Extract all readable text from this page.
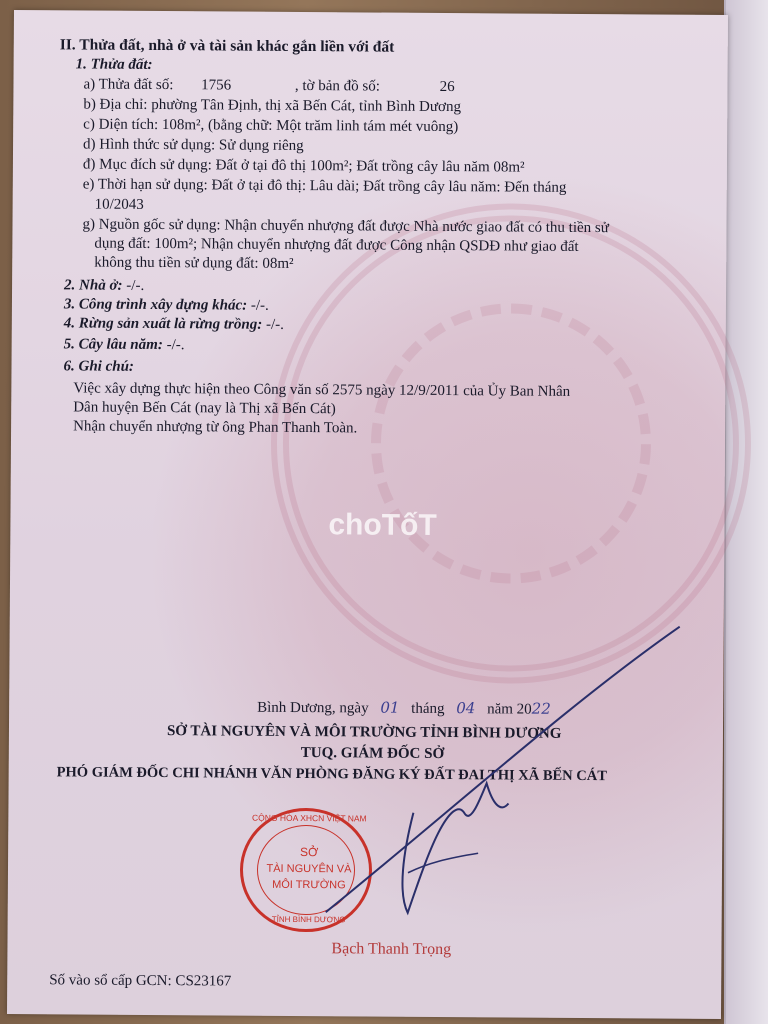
II. Thửa đất, nhà ở và tài sản khác gắn liền với đất
1. Thửa đất:
a) Thửa đất số: 1756	, tờ bản đồ số:	26
b) Địa chỉ: phường Tân Định, thị xã Bến Cát, tỉnh Bình Dương
c) Diện tích: 108m², (bằng chữ: Một trăm linh tám mét vuông)
d) Hình thức sử dụng: Sử dụng riêng
đ) Mục đích sử dụng: Đất ở tại đô thị 100m²; Đất trồng cây lâu năm 08m²
e) Thời hạn sử dụng: Đất ở tại đô thị: Lâu dài; Đất trồng cây lâu năm: Đến tháng
10/2043
g) Nguồn gốc sử dụng: Nhận chuyển nhượng đất được Nhà nước giao đất có thu tiền sử
dụng đất: 100m²; Nhận chuyển nhượng đất được Công nhận QSDĐ như giao đất
không thu tiền sử dụng đất: 08m²
2. Nhà ở: -/-.
3. Công trình xây dựng khác: -/-.
4. Rừng sản xuất là rừng trồng: -/-.
5. Cây lâu năm: -/-.
6. Ghi chú:
Việc xây dựng thực hiện theo Công văn số 2575 ngày 12/9/2011 của Ủy Ban Nhân
Dân huyện Bến Cát (nay là Thị xã Bến Cát)
Nhận chuyển nhượng từ ông Phan Thanh Toàn.
choTốT
Bình Dương, ngày 01 tháng 04 năm 2022
SỞ TÀI NGUYÊN VÀ MÔI TRƯỜNG TỈNH BÌNH DƯƠNG
TUQ. GIÁM ĐỐC SỞ
PHÓ GIÁM ĐỐC CHI NHÁNH VĂN PHÒNG ĐĂNG KÝ ĐẤT ĐAI THỊ XÃ BẾN CÁT
CỘNG HÒA XHCN VIỆT NAM
SỞ
TÀI NGUYÊN VÀ
MÔI TRƯỜNG
TỈNH BÌNH DƯƠNG
Bạch Thanh Trọng
Số vào sổ cấp GCN: CS23167
